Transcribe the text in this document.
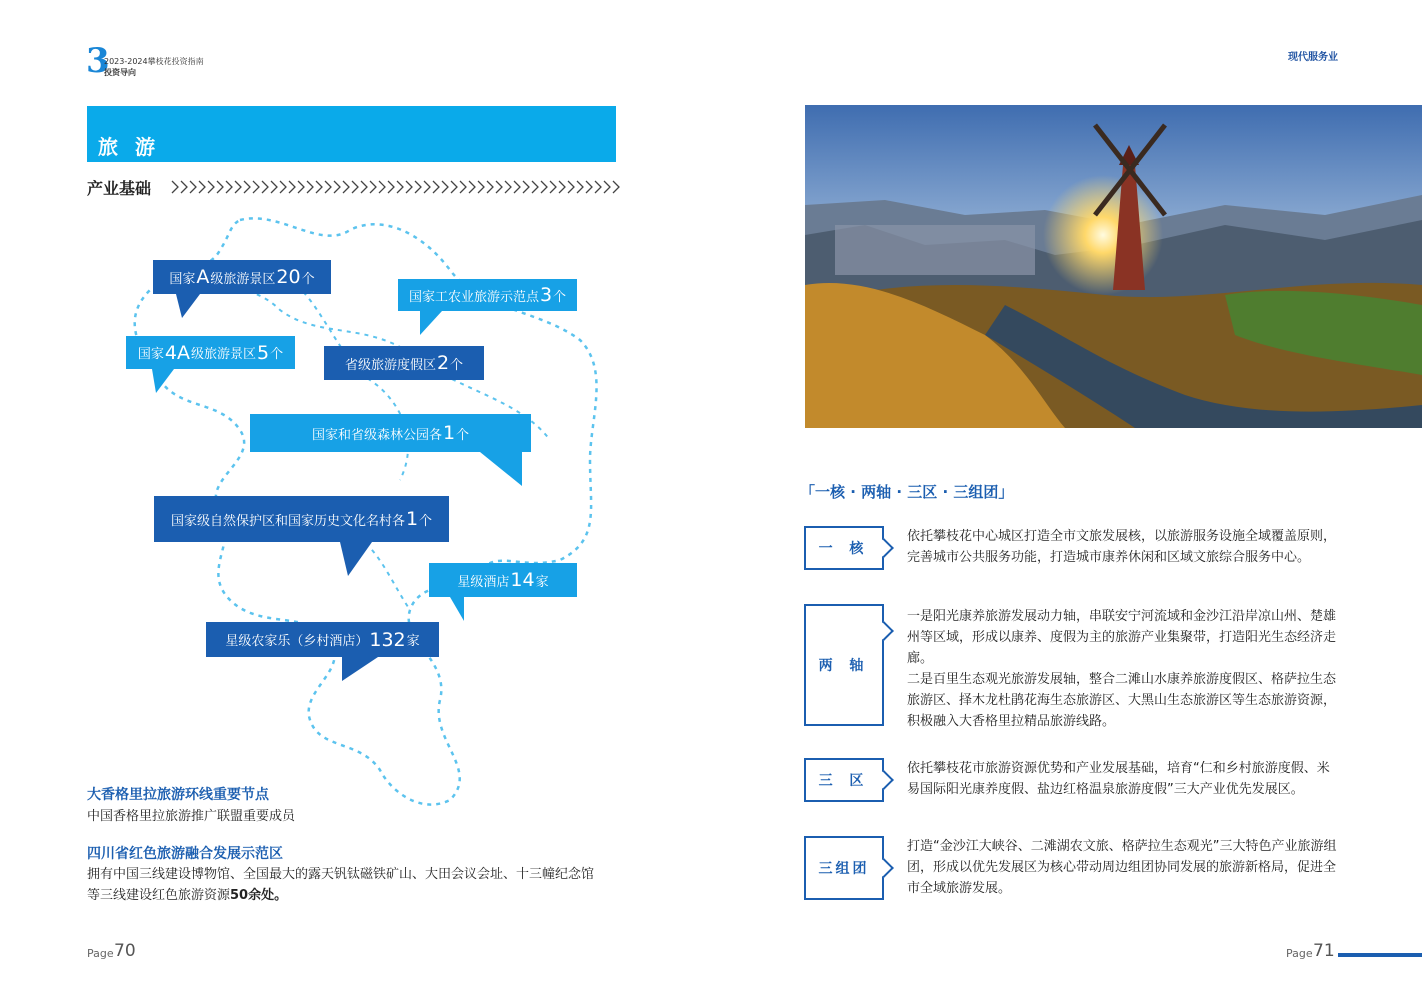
3
2023-2024攀枝花投资指南
投资导向
现代服务业
旅 游
产业基础
国家 A 级旅游景区 20 个
国家工农业旅游示范点 3 个
国家 4A 级旅游景区 5 个
省级旅游度假区 2 个
国家和省级森林公园各 1 个
国家级自然保护区和国家历史文化名村各 1 个
星级酒店 14 家
星级农家乐（乡村酒店） 132 家
大香格里拉旅游环线重要节点
中国香格里拉旅游推广联盟重要成员
四川省红色旅游融合发展示范区
拥有中国三线建设博物馆、全国最大的露天钒钛磁铁矿山、大田会议会址、十三幢纪念馆
等三线建设红色旅游资源50余处。
Page 70
「一核 · 两轴 · 三区 · 三组团」
一 核
依托攀枝花中心城区打造全市文旅发展核，以旅游服务设施全域覆盖原则，完善城市公共服务功能，打造城市康养休闲和区域文旅综合服务中心。
两 轴
一是阳光康养旅游发展动力轴，串联安宁河流域和金沙江沿岸凉山州、楚雄州等区域，形成以康养、度假为主的旅游产业集聚带，打造阳光生态经济走廊。
二是百里生态观光旅游发展轴，整合二滩山水康养旅游度假区、格萨拉生态旅游区、择木龙杜鹃花海生态旅游区、大黑山生态旅游区等生态旅游资源，积极融入大香格里拉精品旅游线路。
三 区
依托攀枝花市旅游资源优势和产业发展基础，培育“仁和乡村旅游度假、米易国际阳光康养度假、盐边红格温泉旅游度假”三大产业优先发展区。
三组团
打造“金沙江大峡谷、二滩湖农文旅、格萨拉生态观光”三大特色产业旅游组团，形成以优先发展区为核心带动周边组团协同发展的旅游新格局，促进全市全域旅游发展。
Page 71
